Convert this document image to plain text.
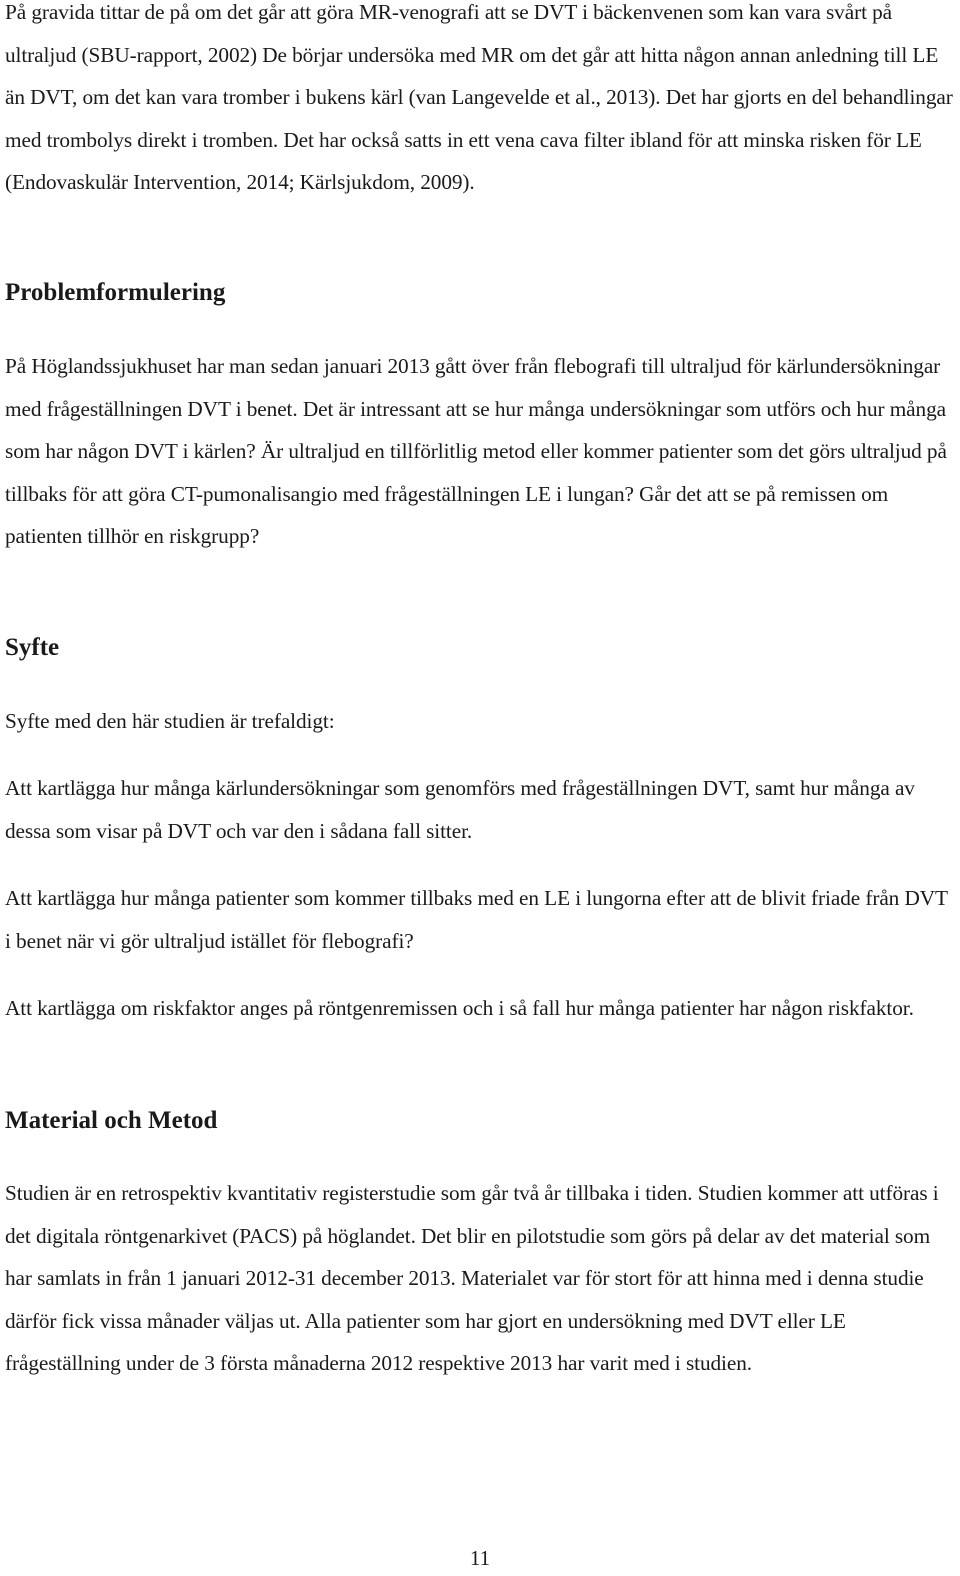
På gravida tittar de på om det går att göra MR-venografi att se DVT i bäckenvenen som kan vara svårt på ultraljud (SBU-rapport, 2002) De börjar undersöka med MR om det går att hitta någon annan anledning till LE än DVT, om det kan vara tromber i bukens kärl (van Langevelde et al., 2013). Det har gjorts en del behandlingar med trombolys direkt i tromben. Det har också satts in ett vena cava filter ibland för att minska risken för LE (Endovaskulär Intervention, 2014; Kärlsjukdom, 2009).

Problemformulering

På Höglandssjukhuset har man sedan januari 2013 gått över från flebografi till ultraljud för kärlundersökningar med frågeställningen DVT i benet. Det är intressant att se hur många undersökningar som utförs och hur många som har någon DVT i kärlen? Är ultraljud en tillförlitlig metod eller kommer patienter som det görs ultraljud på tillbaks för att göra CT-pumonalisangio med frågeställningen LE i lungan? Går det att se på remissen om patienten tillhör en riskgrupp?

Syfte

Syfte med den här studien är trefaldigt:

Att kartlägga hur många kärlundersökningar som genomförs med frågeställningen DVT, samt hur många av dessa som visar på DVT och var den i sådana fall sitter.

Att kartlägga hur många patienter som kommer tillbaks med en LE i lungorna efter att de blivit friade från DVT i benet när vi gör ultraljud istället för flebografi?

Att kartlägga om riskfaktor anges på röntgenremissen och i så fall hur många patienter har någon riskfaktor.

Material och Metod

Studien är en retrospektiv kvantitativ registerstudie som går två år tillbaka i tiden. Studien kommer att utföras i det digitala röntgenarkivet (PACS) på höglandet. Det blir en pilotstudie som görs på delar av det material som har samlats in från 1 januari 2012-31 december 2013. Materialet var för stort för att hinna med i denna studie därför fick vissa månader väljas ut. Alla patienter som har gjort en undersökning med DVT eller LE frågeställning under de 3 första månaderna 2012 respektive 2013 har varit med i studien.

11
